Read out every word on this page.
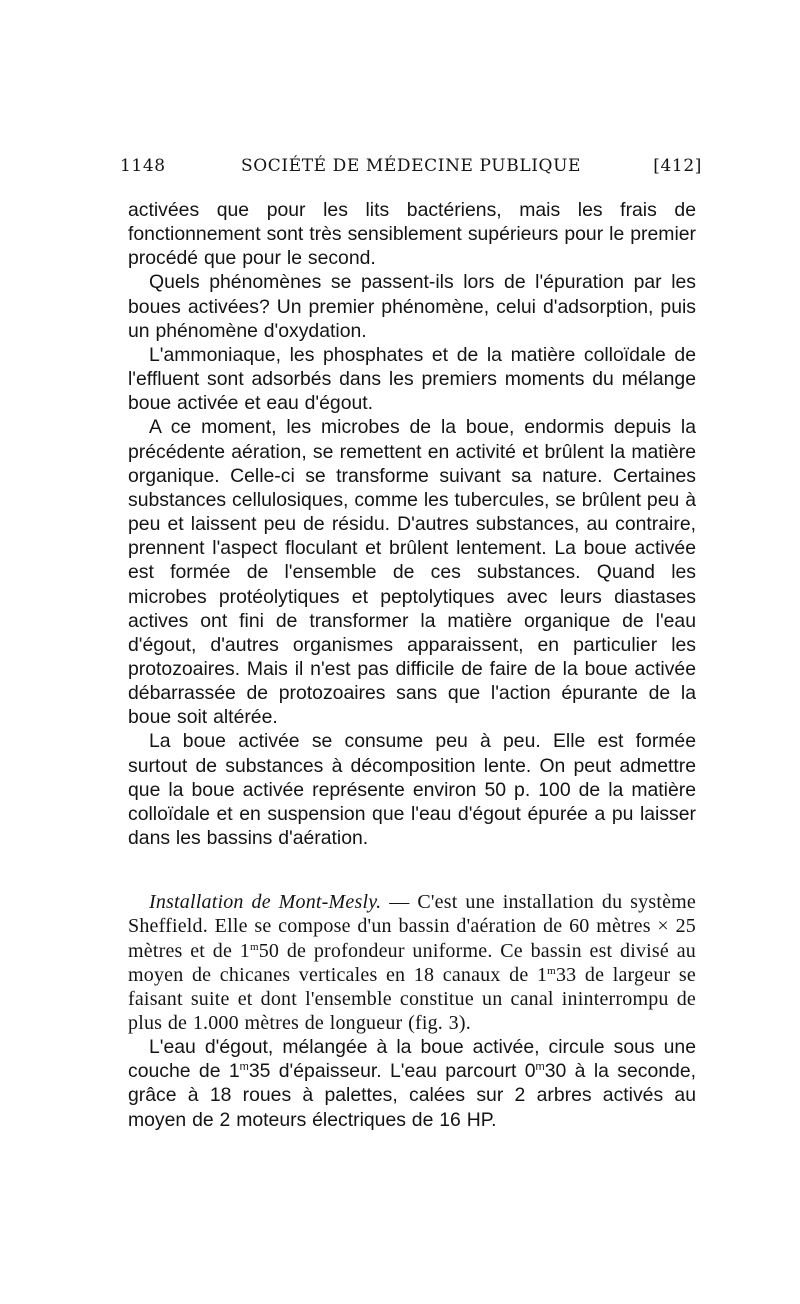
1148	SOCIÉTÉ DE MÉDECINE PUBLIQUE	[412]

activées que pour les lits bactériens, mais les frais de fonctionnement sont très sensiblement supérieurs pour le premier procédé que pour le second.

Quels phénomènes se passent-ils lors de l'épuration par les boues activées? Un premier phénomène, celui d'adsorption, puis un phénomène d'oxydation.

L'ammoniaque, les phosphates et de la matière colloïdale de l'effluent sont adsorbés dans les premiers moments du mélange boue activée et eau d'égout.

A ce moment, les microbes de la boue, endormis depuis la précédente aération, se remettent en activité et brûlent la matière organique. Celle-ci se transforme suivant sa nature. Certaines substances cellulosiques, comme les tubercules, se brûlent peu à peu et laissent peu de résidu. D'autres substances, au contraire, prennent l'aspect floculant et brûlent lentement. La boue activée est formée de l'ensemble de ces substances. Quand les microbes protéolytiques et peptolytiques avec leurs diastases actives ont fini de transformer la matière organique de l'eau d'égout, d'autres organismes apparaissent, en particulier les protozoaires. Mais il n'est pas difficile de faire de la boue activée débarrassée de protozoaires sans que l'action épurante de la boue soit altérée.

La boue activée se consume peu à peu. Elle est formée surtout de substances à décomposition lente. On peut admettre que la boue activée représente environ 50 p. 100 de la matière colloïdale et en suspension que l'eau d'égout épurée a pu laisser dans les bassins d'aération.

Installation de Mont-Mesly. — C'est une installation du système Sheffield. Elle se compose d'un bassin d'aération de 60 mètres × 25 mètres et de 1$^m$50 de profondeur uniforme. Ce bassin est divisé au moyen de chicanes verticales en 18 canaux de 1$^m$33 de largeur se faisant suite et dont l'ensemble constitue un canal ininterrompu de plus de 1.000 mètres de longueur (fig. 3).

L'eau d'égout, mélangée à la boue activée, circule sous une couche de 1$^m$35 d'épaisseur. L'eau parcourt 0$^m$30 à la seconde, grâce à 18 roues à palettes, calées sur 2 arbres activés au moyen de 2 moteurs électriques de 16 HP.
